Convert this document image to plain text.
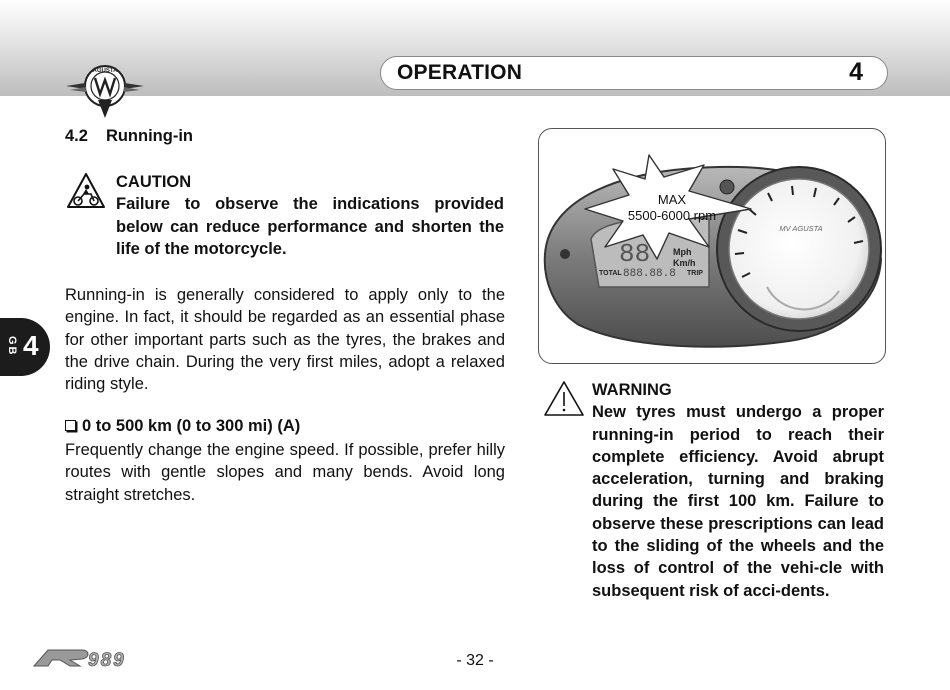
AGUSTA	OPERATION	4
GB 4
4.2 Running-in
CAUTION
Failure to observe the indications provided below can reduce performance and shorten the life of the motorcycle.
Running-in is generally considered to apply only to the engine. In fact, it should be regarded as an essential phase for other important parts such as the tyres, the brakes and the drive chain. During the very first miles, adopt a relaxed riding style.
0 to 500 km (0 to 300 mi) (A)
Frequently change the engine speed. If possible, prefer hilly routes with gentle slopes and many bends. Avoid long straight stretches.
88	Mph
Km/h
TOTAL 888.88.8 TRIP
MV AGUSTA
MAX
5500-6000 rpm
WARNING
New tyres must undergo a proper running-in period to reach their complete efficiency. Avoid abrupt acceleration, turning and braking during the first 100 km. Failure to observe these prescriptions can lead to the sliding of the wheels and the loss of control of the vehi-cle with subsequent risk of acci-dents.
989	- 32 -
